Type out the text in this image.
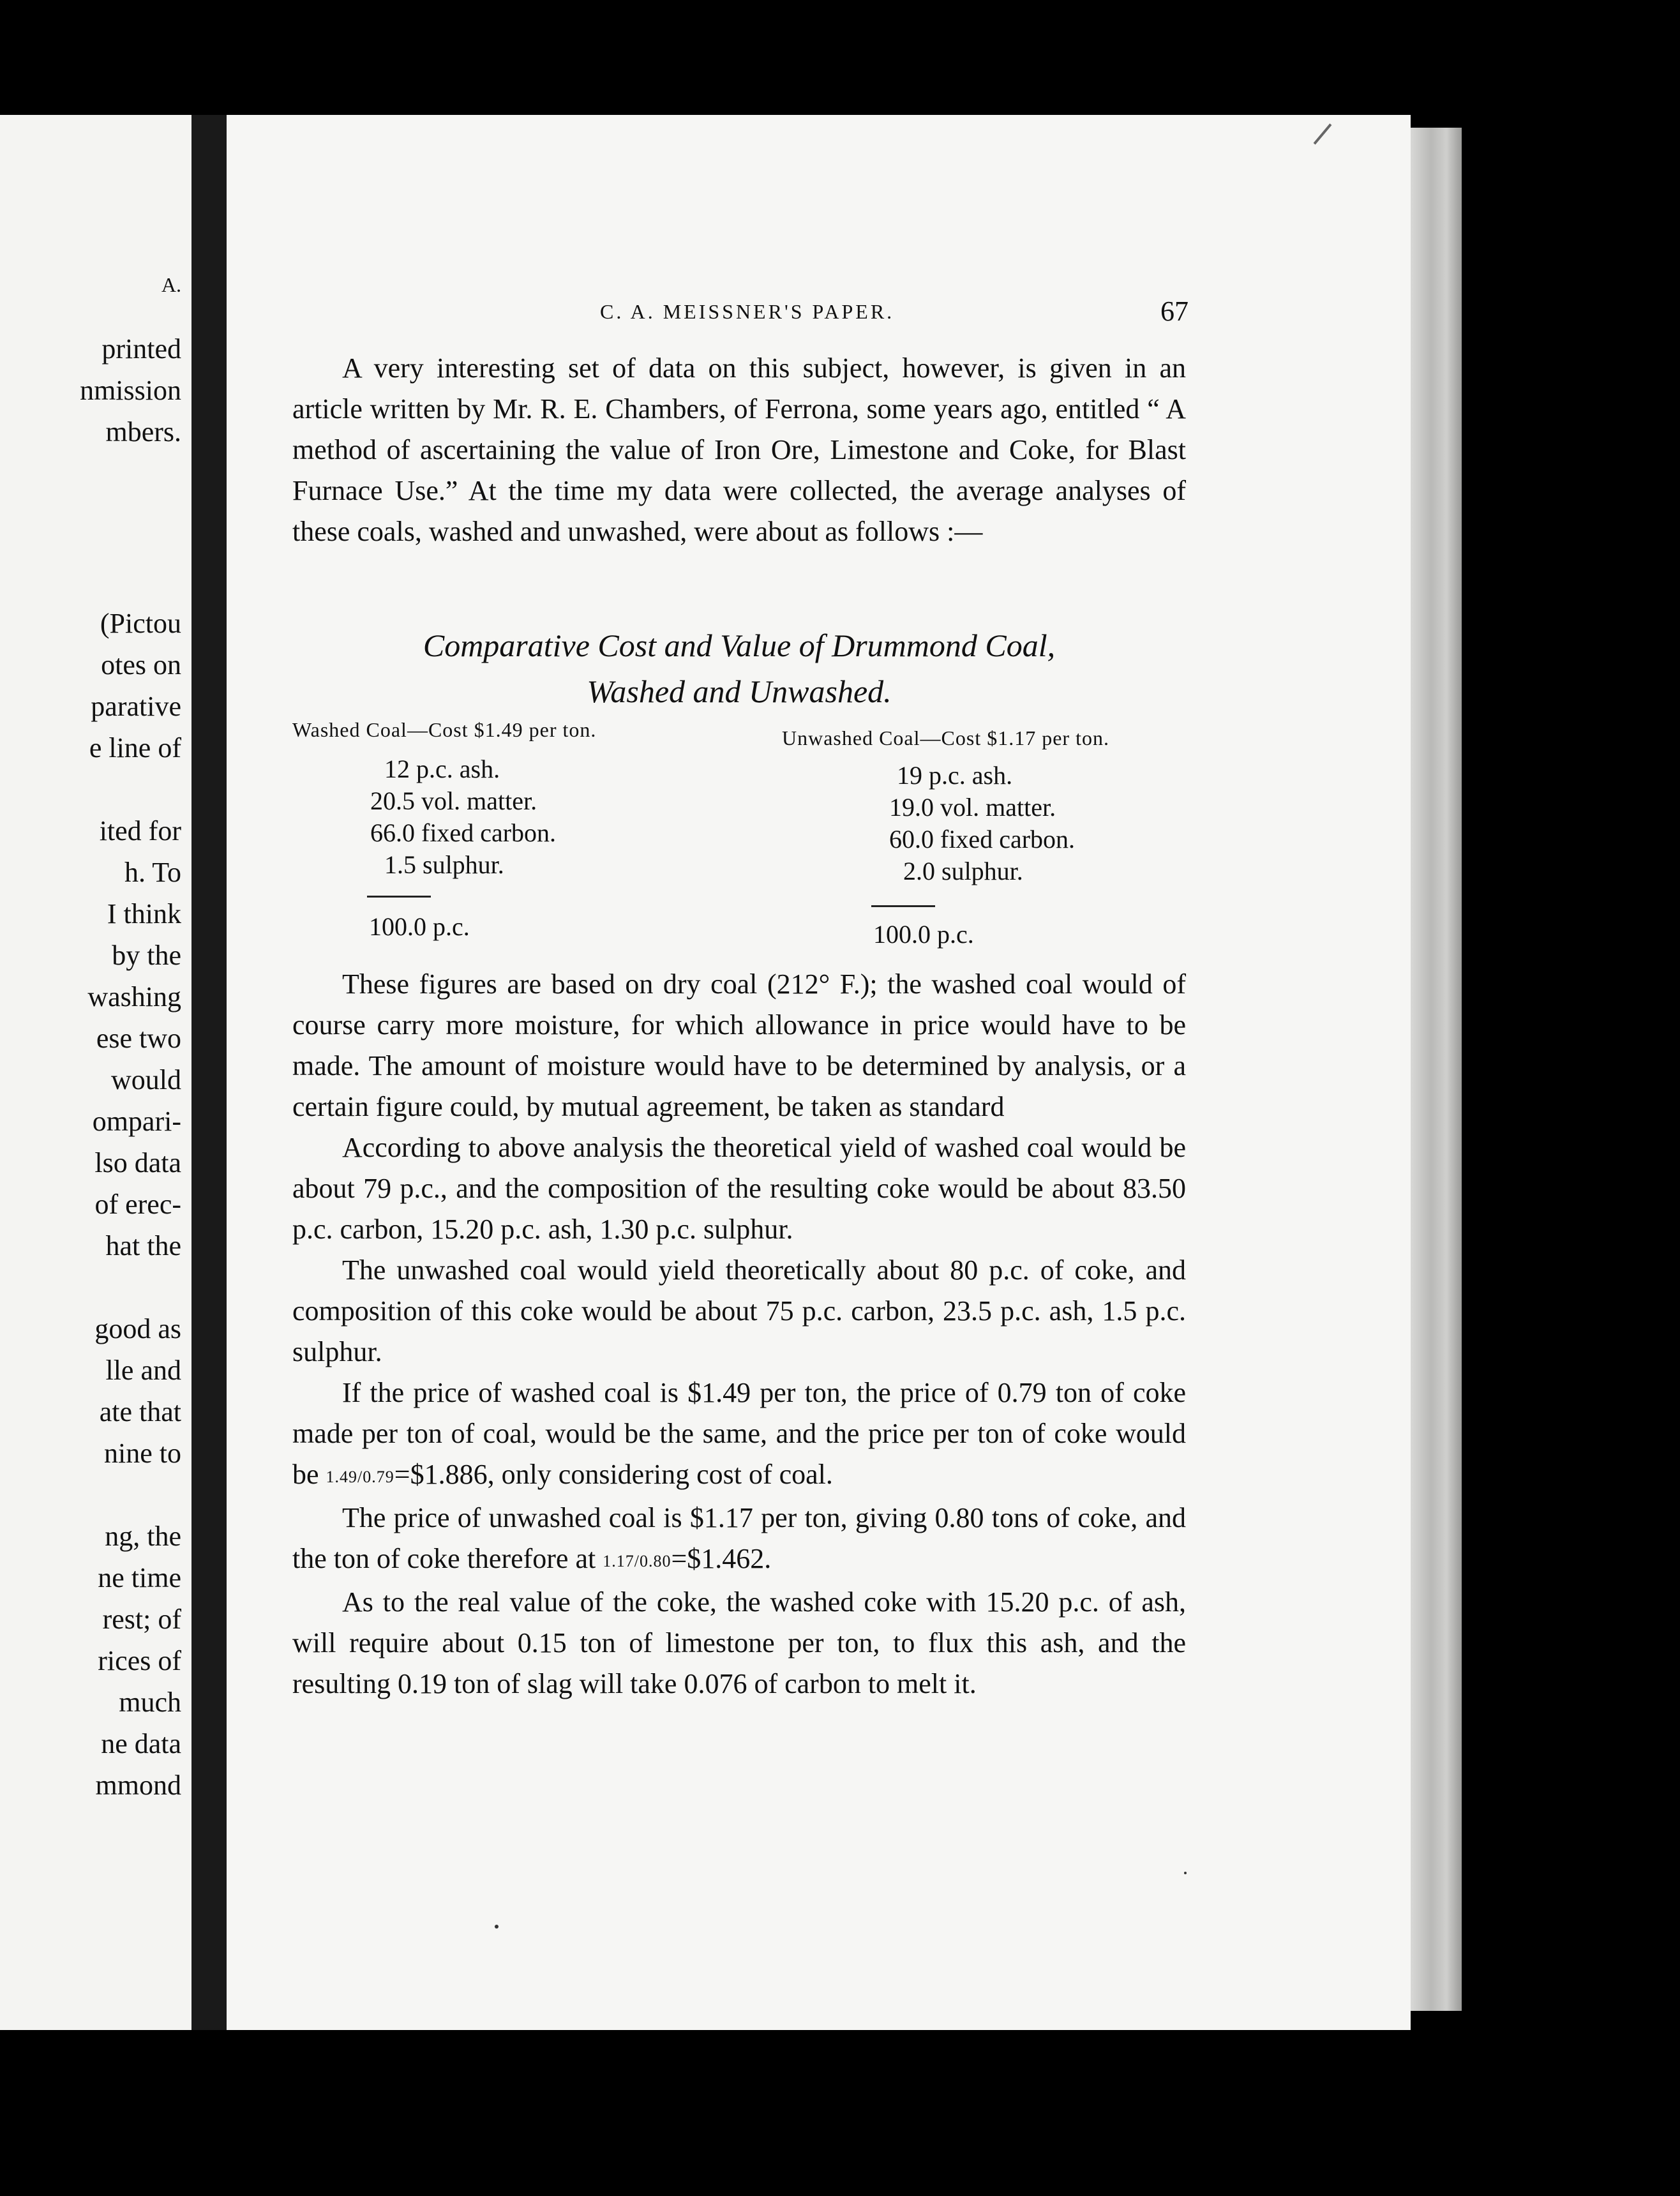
A.
printed
nmission
mbers.
(Pictou
otes on
parative
e line of
ited for
h. To
I think
by the
washing
ese two
would
ompari-
lso data
of erec-
hat the
good as
lle and
ate that
nine to
ng, the
ne time
rest; of
rices of
much
ne data
mmond
C. A. MEISSNER'S PAPER.	67

A very interesting set of data on this subject, however, is given in an article written by Mr. R. E. Chambers, of Ferrona, some years ago, entitled “ A method of ascertaining the value of Iron Ore, Limestone and Coke, for Blast Furnace Use.” At the time my data were collected, the average analyses of these coals, washed and unwashed, were about as follows :—

Comparative Cost and Value of Drummond Coal,
Washed and Unwashed.
Washed Coal—Cost $1.49 per ton.
12 p.c. ash.
20.5 vol. matter.
66.0 fixed carbon.
1.5 sulphur.
100.0 p.c.
Unwashed Coal—Cost $1.17 per ton.
19 p.c. ash.
19.0 vol. matter.
60.0 fixed carbon.
2.0 sulphur.
100.0 p.c.

These figures are based on dry coal (212° F.); the washed coal would of course carry more moisture, for which allowance in price would have to be made. The amount of moisture would have to be determined by analysis, or a certain figure could, by mutual agreement, be taken as standard

According to above analysis the theoretical yield of washed coal would be about 79 p.c., and the composition of the resulting coke would be about 83.50 p.c. carbon, 15.20 p.c. ash, 1.30 p.c. sulphur.

The unwashed coal would yield theoretically about 80 p.c. of coke, and composition of this coke would be about 75 p.c. carbon, 23.5 p.c. ash, 1.5 p.c. sulphur.

If the price of washed coal is $1.49 per ton, the price of 0.79 ton of coke made per ton of coal, would be the same, and the price per ton of coke would be 1.49/0.79=$1.886, only considering cost of coal.

The price of unwashed coal is $1.17 per ton, giving 0.80 tons of coke, and the ton of coke therefore at 1.17/0.80=$1.462.

As to the real value of the coke, the washed coke with 15.20 p.c. of ash, will require about 0.15 ton of limestone per ton, to flux this ash, and the resulting 0.19 ton of slag will take 0.076 of carbon to melt it.
